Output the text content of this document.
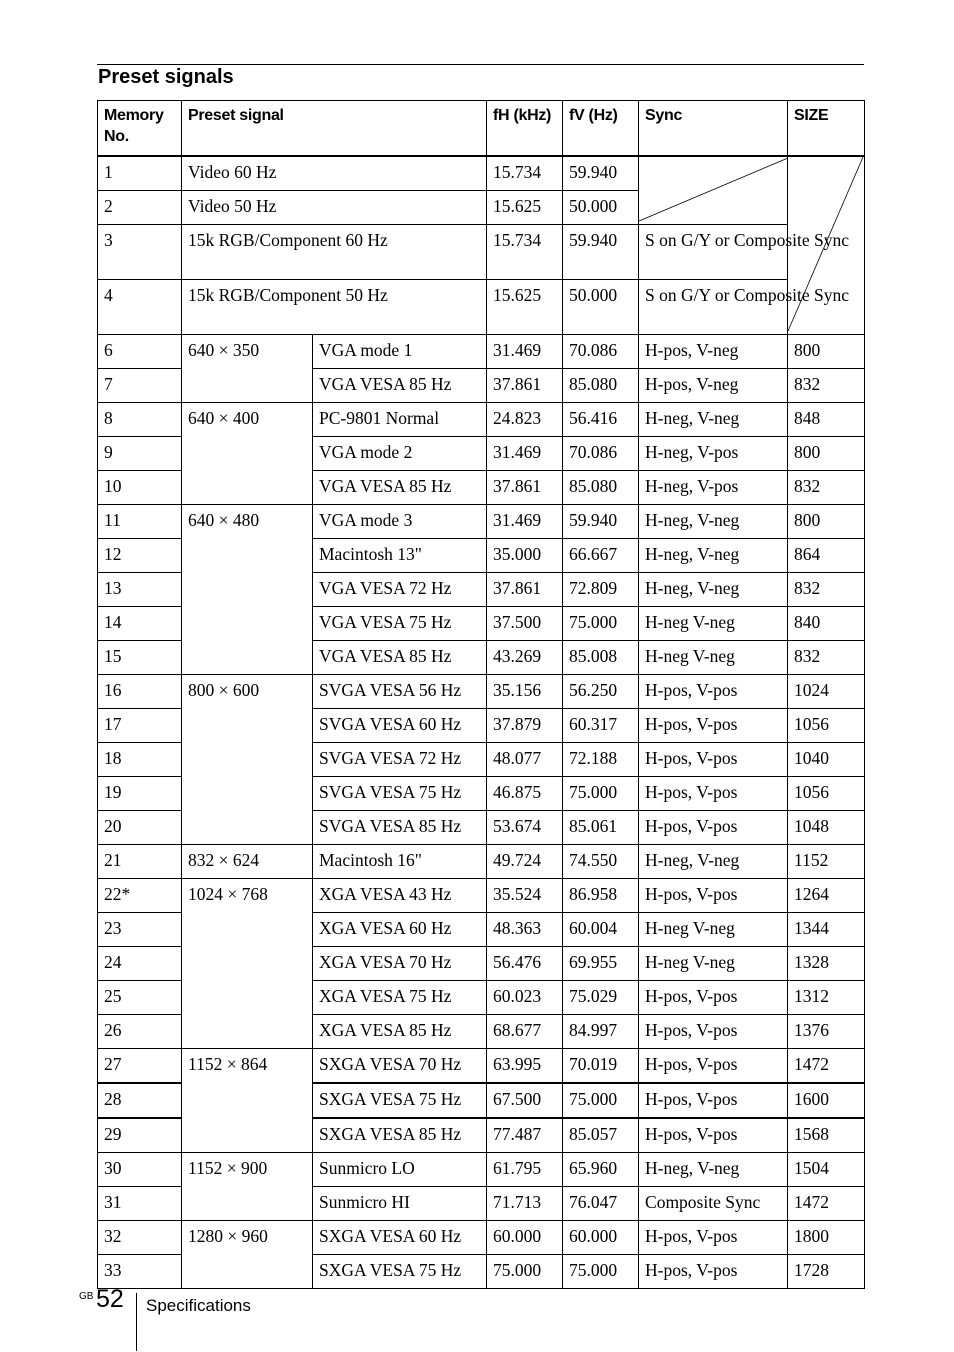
Preset signals
Memory No.	Preset signal		fH (kHz)	fV (Hz)	Sync	SIZE
1	Video 60 Hz		15.734	59.940	

2	Video 50 Hz		15.625	50.000		
3	15k RGB/Component 60 Hz		15.734	59.940	S on G/Y or Composite Sync	
4	15k RGB/Component 50 Hz		15.625	50.000	S on G/Y or Composite Sync	
6	640 × 350	VGA mode 1	31.469	70.086	H-pos, V-neg	800
7		VGA VESA 85 Hz	37.861	85.080	H-pos, V-neg	832
8	640 × 400	PC-9801 Normal	24.823	56.416	H-neg, V-neg	848
9		VGA mode 2	31.469	70.086	H-neg, V-pos	800
10		VGA VESA 85 Hz	37.861	85.080	H-neg, V-pos	832
11	640 × 480	VGA mode 3	31.469	59.940	H-neg, V-neg	800
12		Macintosh 13"	35.000	66.667	H-neg, V-neg	864
13		VGA VESA 72 Hz	37.861	72.809	H-neg, V-neg	832
14		VGA VESA 75 Hz	37.500	75.000	H-neg V-neg	840
15		VGA VESA 85 Hz	43.269	85.008	H-neg V-neg	832
16	800 × 600	SVGA VESA 56 Hz	35.156	56.250	H-pos, V-pos	1024
17		SVGA VESA 60 Hz	37.879	60.317	H-pos, V-pos	1056
18		SVGA VESA 72 Hz	48.077	72.188	H-pos, V-pos	1040
19		SVGA VESA 75 Hz	46.875	75.000	H-pos, V-pos	1056
20		SVGA VESA 85 Hz	53.674	85.061	H-pos, V-pos	1048
21	832 × 624	Macintosh 16"	49.724	74.550	H-neg, V-neg	1152
22*	1024 × 768	XGA VESA 43 Hz	35.524	86.958	H-pos, V-pos	1264
23		XGA VESA 60 Hz	48.363	60.004	H-neg V-neg	1344
24		XGA VESA 70 Hz	56.476	69.955	H-neg V-neg	1328
25		XGA VESA 75 Hz	60.023	75.029	H-pos, V-pos	1312
26		XGA VESA 85 Hz	68.677	84.997	H-pos, V-pos	1376
27	1152 × 864	SXGA VESA 70 Hz	63.995	70.019	H-pos, V-pos	1472
28		SXGA VESA 75 Hz	67.500	75.000	H-pos, V-pos	1600
29		SXGA VESA 85 Hz	77.487	85.057	H-pos, V-pos	1568
30	1152 × 900	Sunmicro LO	61.795	65.960	H-neg, V-neg	1504
31		Sunmicro HI	71.713	76.047	Composite Sync	1472
32	1280 × 960	SXGA VESA 60 Hz	60.000	60.000	H-pos, V-pos	1800
33		SXGA VESA 75 Hz	75.000	75.000	H-pos, V-pos	1728
GB 52 Specifications
